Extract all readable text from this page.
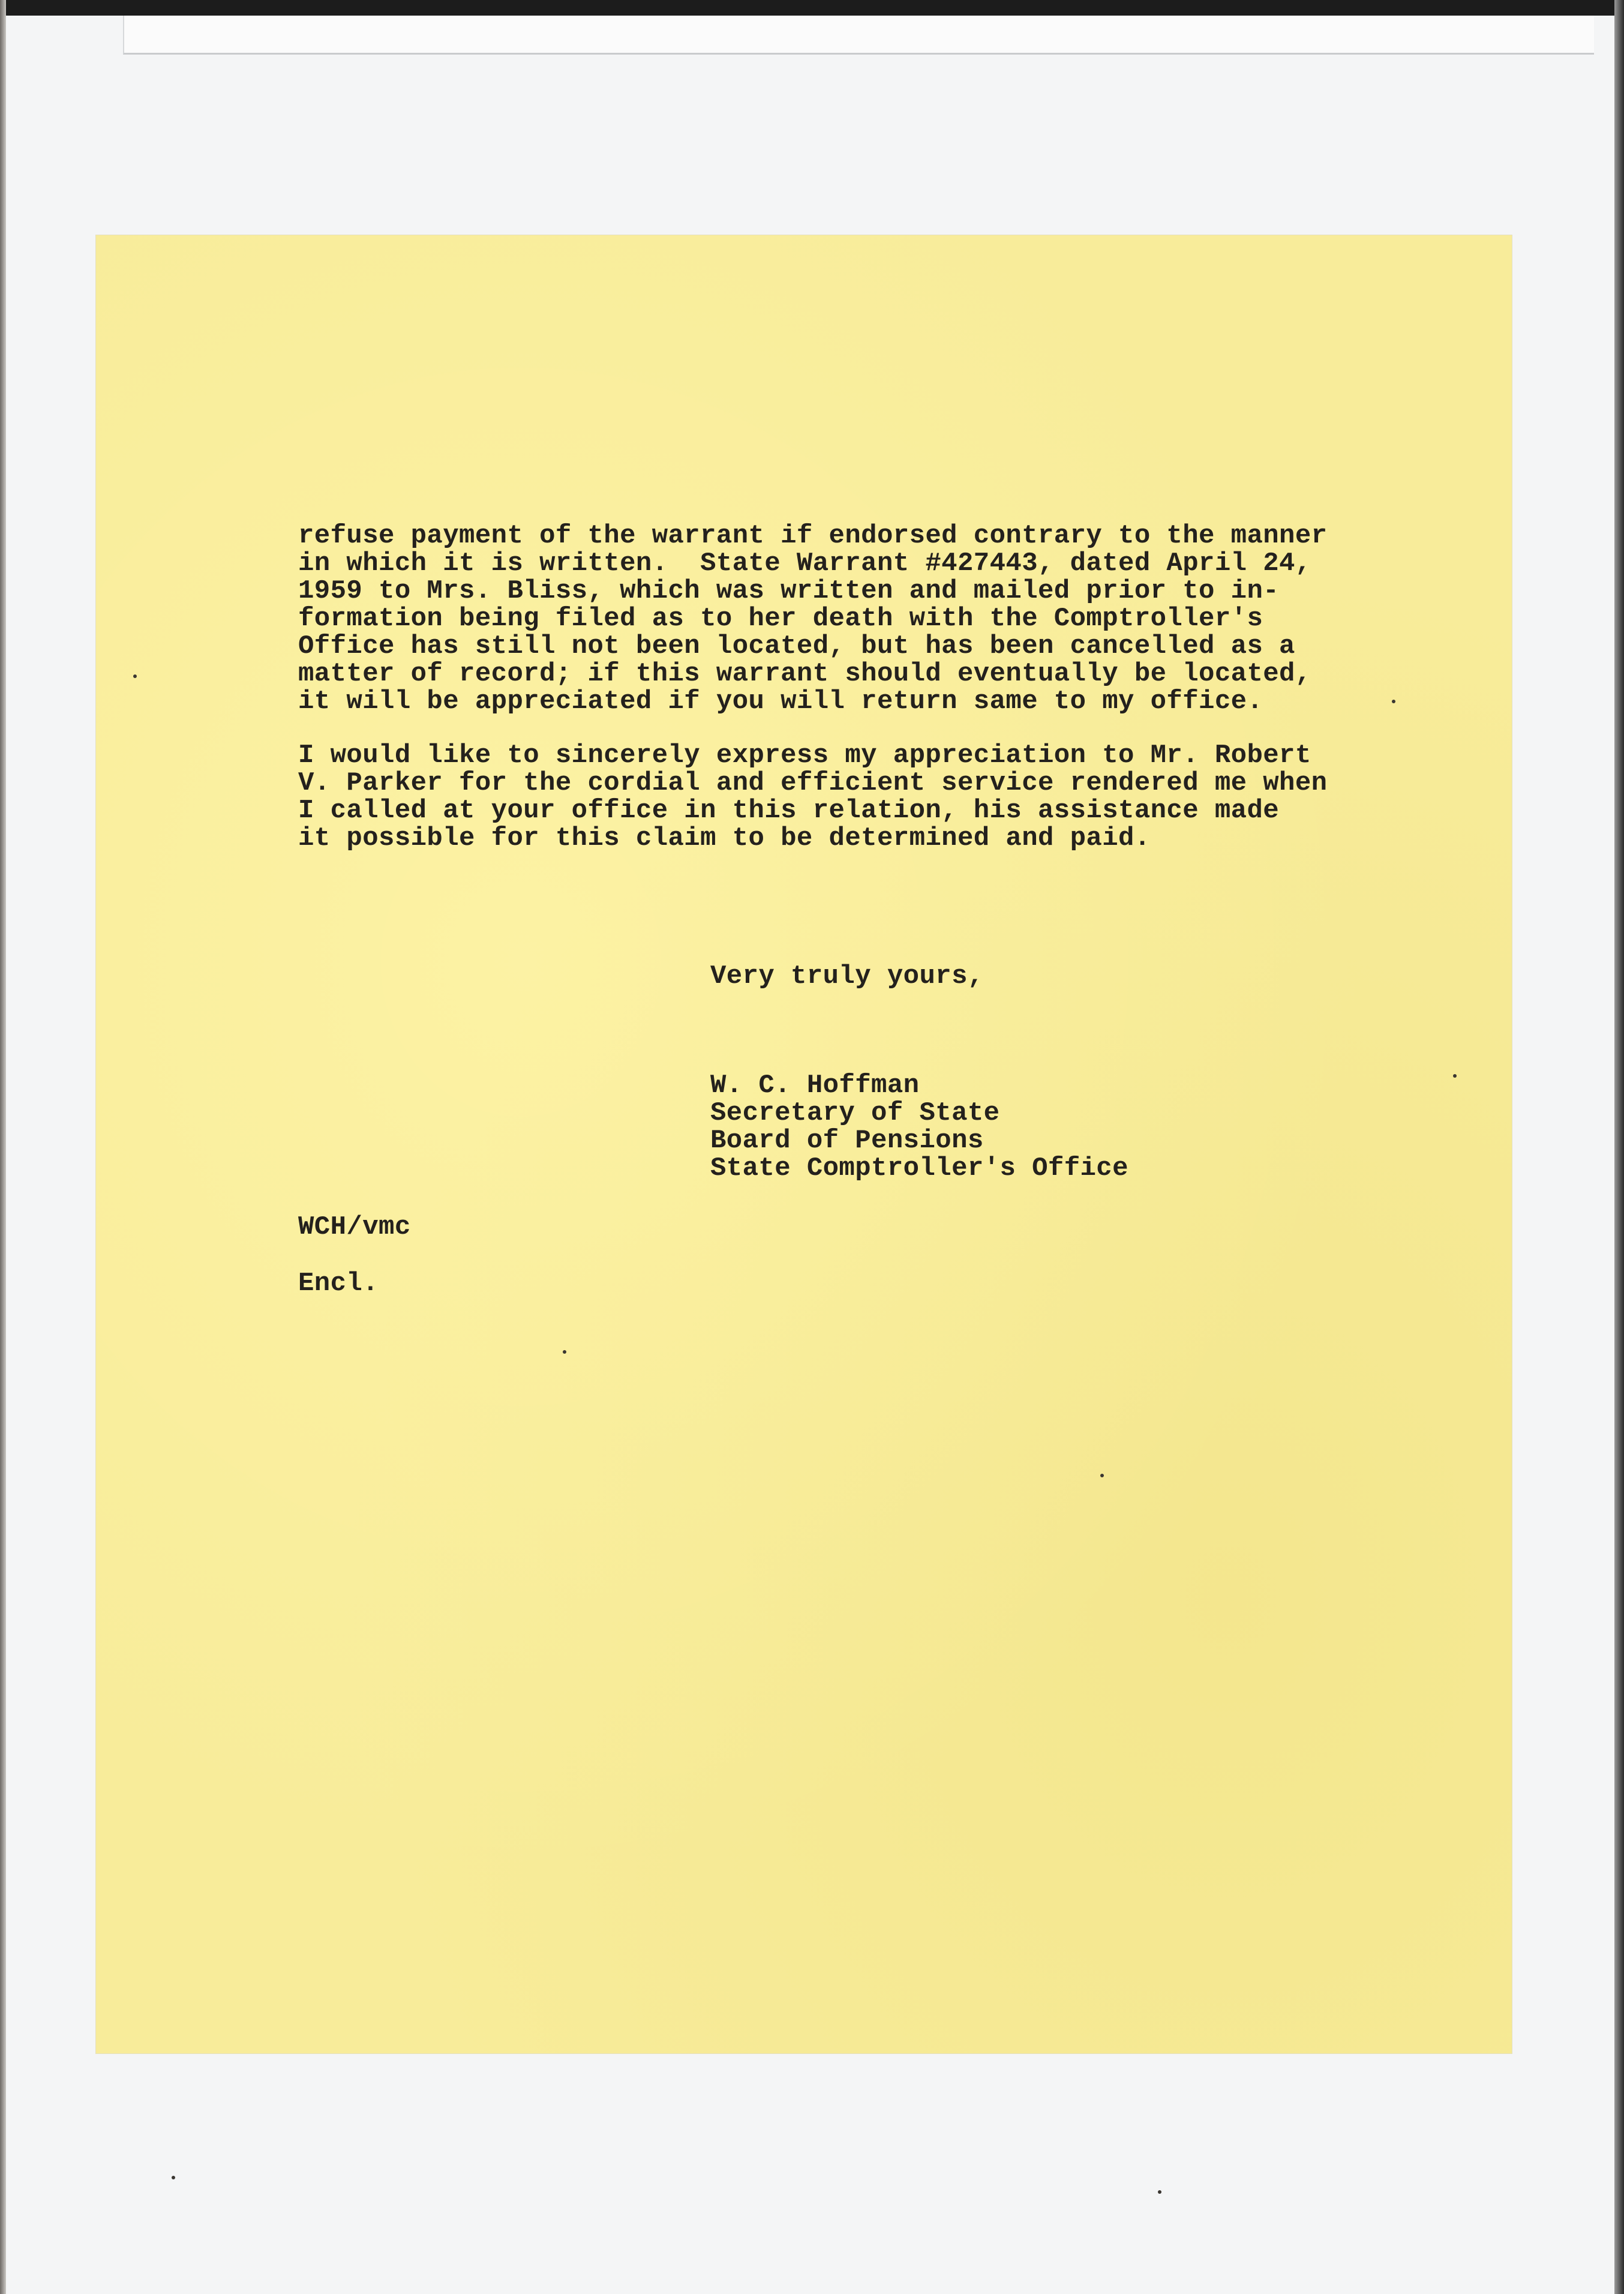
refuse payment of the warrant if endorsed contrary to the manner
in which it is written.  State Warrant #427443, dated April 24,
1959 to Mrs. Bliss, which was written and mailed prior to in-
formation being filed as to her death with the Comptroller's
Office has still not been located, but has been cancelled as a
matter of record; if this warrant should eventually be located,
it will be appreciated if you will return same to my office.

I would like to sincerely express my appreciation to Mr. Robert
V. Parker for the cordial and efficient service rendered me when
I called at your office in this relation, his assistance made
it possible for this claim to be determined and paid.

Very truly yours,

W. C. Hoffman
Secretary of State
Board of Pensions
State Comptroller's Office

WCH/vmc

Encl.
